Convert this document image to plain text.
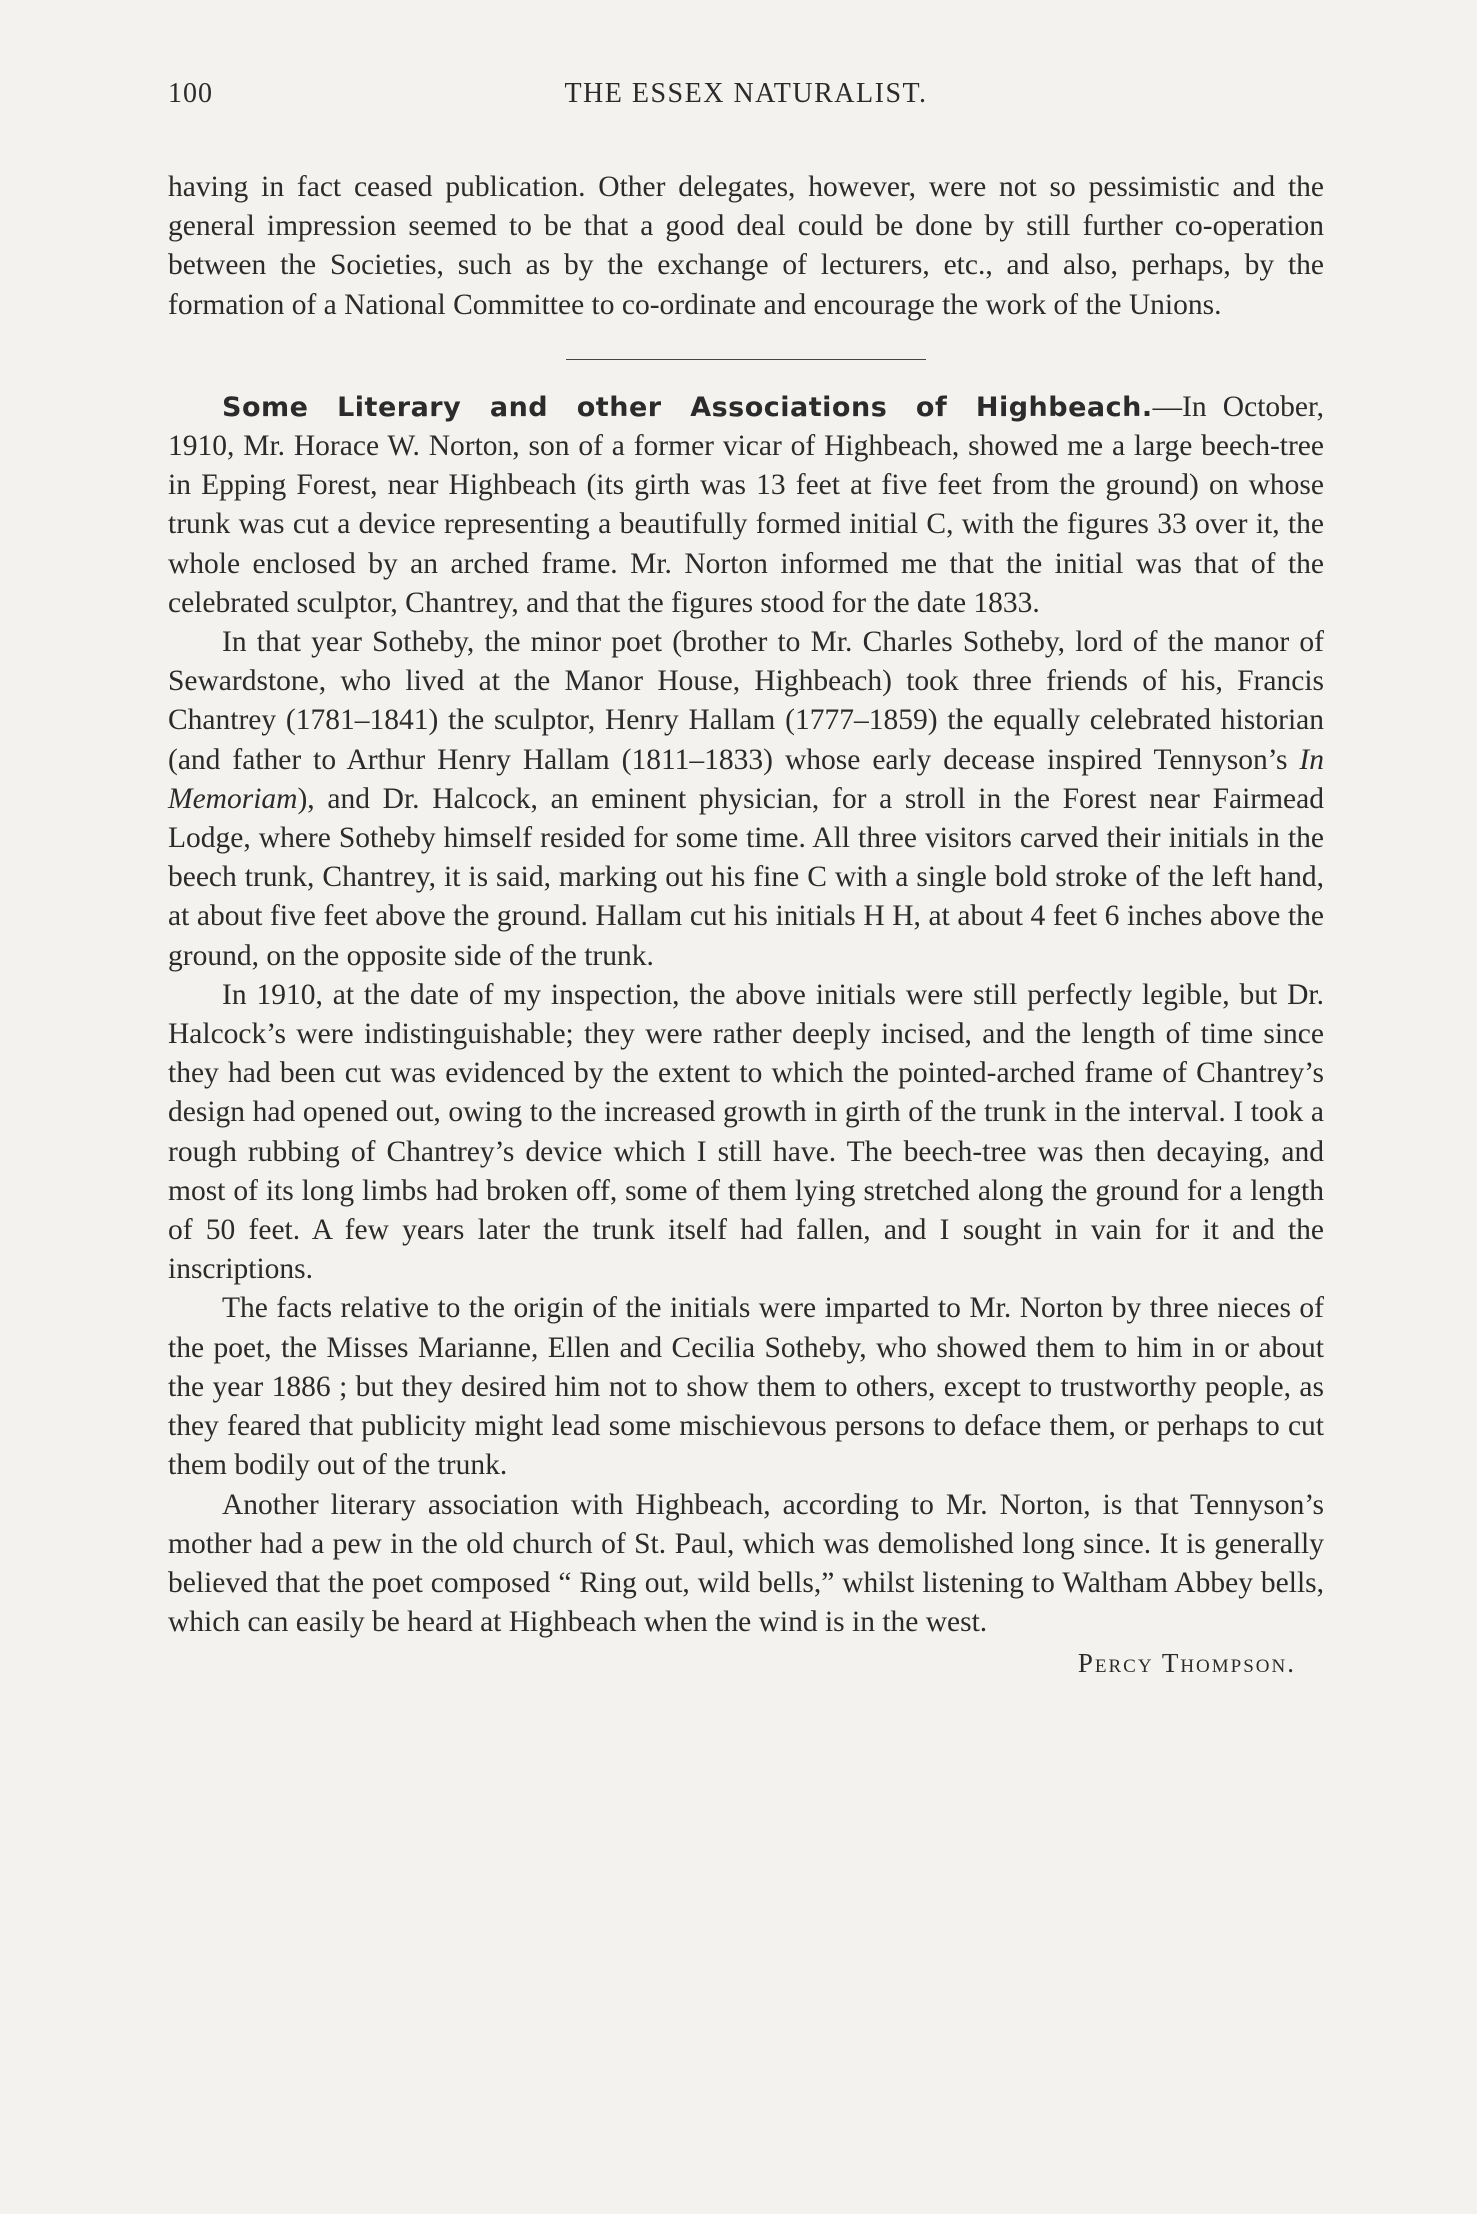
100	THE ESSEX NATURALIST.

having in fact ceased publication. Other delegates, however, were not so pessimistic and the general impression seemed to be that a good deal could be done by still further co-operation between the Societies, such as by the exchange of lecturers, etc., and also, perhaps, by the formation of a National Committee to co-ordinate and encourage the work of the Unions.

Some Literary and other Associations of Highbeach.—In October, 1910, Mr. Horace W. Norton, son of a former vicar of Highbeach, showed me a large beech-tree in Epping Forest, near Highbeach (its girth was 13 feet at five feet from the ground) on whose trunk was cut a device representing a beautifully formed initial C, with the figures 33 over it, the whole enclosed by an arched frame. Mr. Norton informed me that the initial was that of the celebrated sculptor, Chantrey, and that the figures stood for the date 1833.

In that year Sotheby, the minor poet (brother to Mr. Charles Sotheby, lord of the manor of Sewardstone, who lived at the Manor House, Highbeach) took three friends of his, Francis Chantrey (1781–1841) the sculptor, Henry Hallam (1777–1859) the equally celebrated historian (and father to Arthur Henry Hallam (1811–1833) whose early decease inspired Tennyson’s In Memoriam), and Dr. Halcock, an eminent physician, for a stroll in the Forest near Fairmead Lodge, where Sotheby himself resided for some time. All three visitors carved their initials in the beech trunk, Chantrey, it is said, marking out his fine C with a single bold stroke of the left hand, at about five feet above the ground. Hallam cut his initials H H, at about 4 feet 6 inches above the ground, on the opposite side of the trunk.

In 1910, at the date of my inspection, the above initials were still perfectly legible, but Dr. Halcock’s were indistinguishable; they were rather deeply incised, and the length of time since they had been cut was evidenced by the extent to which the pointed-arched frame of Chantrey’s design had opened out, owing to the increased growth in girth of the trunk in the interval. I took a rough rubbing of Chantrey’s device which I still have. The beech-tree was then decaying, and most of its long limbs had broken off, some of them lying stretched along the ground for a length of 50 feet. A few years later the trunk itself had fallen, and I sought in vain for it and the inscriptions.

The facts relative to the origin of the initials were imparted to Mr. Norton by three nieces of the poet, the Misses Marianne, Ellen and Cecilia Sotheby, who showed them to him in or about the year 1886 ; but they desired him not to show them to others, except to trustworthy people, as they feared that publicity might lead some mischievous persons to deface them, or perhaps to cut them bodily out of the trunk.

Another literary association with Highbeach, according to Mr. Norton, is that Tennyson’s mother had a pew in the old church of St. Paul, which was demolished long since. It is generally believed that the poet composed “ Ring out, wild bells,” whilst listening to Waltham Abbey bells, which can easily be heard at Highbeach when the wind is in the west.

Percy Thompson.
